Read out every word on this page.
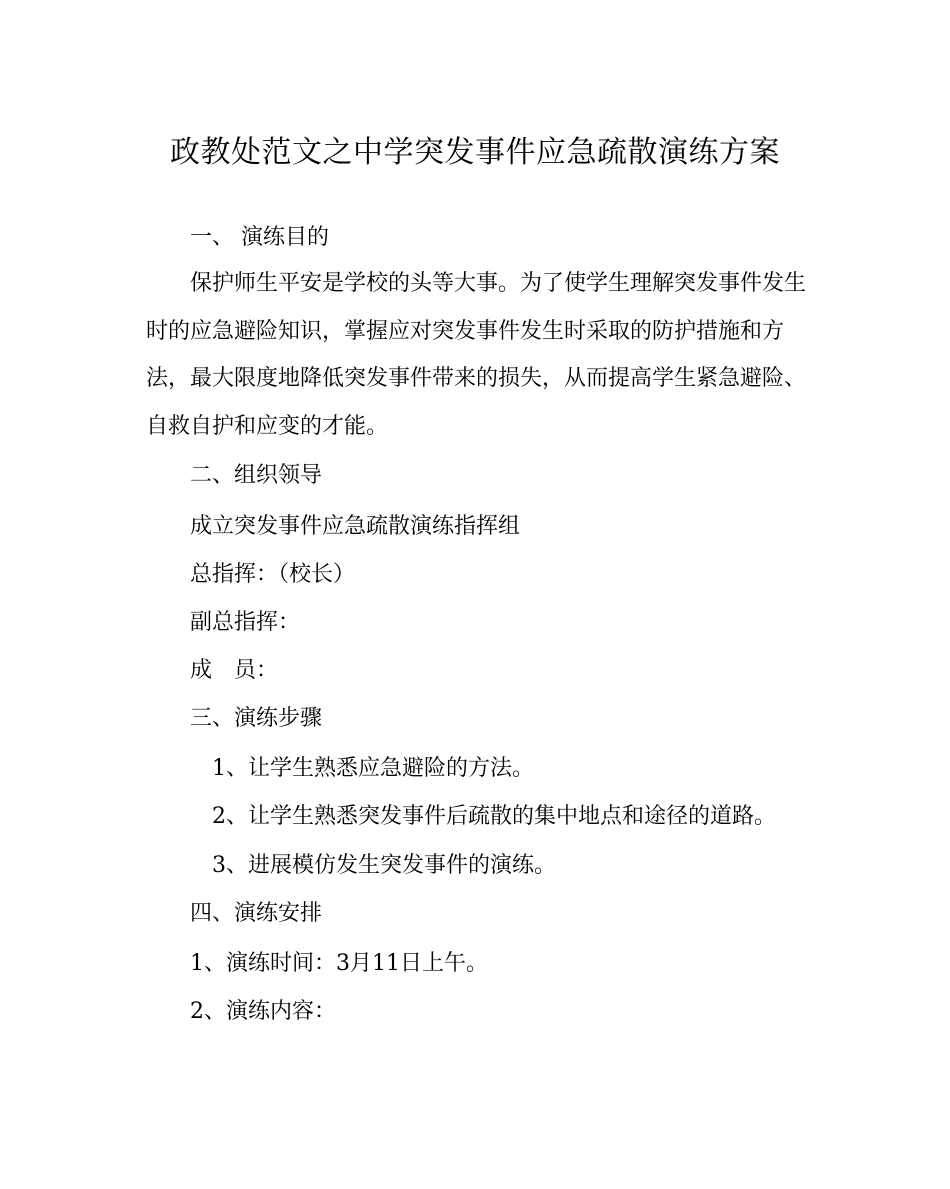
政教处范文之中学突发事件应急疏散演练方案
一、 演练目的
保护师生平安是学校的头等大事。为了使学生理解突发事件发生
时的应急避险知识，掌握应对突发事件发生时采取的防护措施和方
法，最大限度地降低突发事件带来的损失，从而提高学生紧急避险、
自救自护和应变的才能。
二、组织领导
成立突发事件应急疏散演练指挥组
总指挥：（校长）
副总指挥：
成　员：
三、演练步骤
1、让学生熟悉应急避险的方法。
2、让学生熟悉突发事件后疏散的集中地点和途径的道路。
3、进展模仿发生突发事件的演练。
四、演练安排
1、演练时间：3月11日上午。
2、演练内容：
